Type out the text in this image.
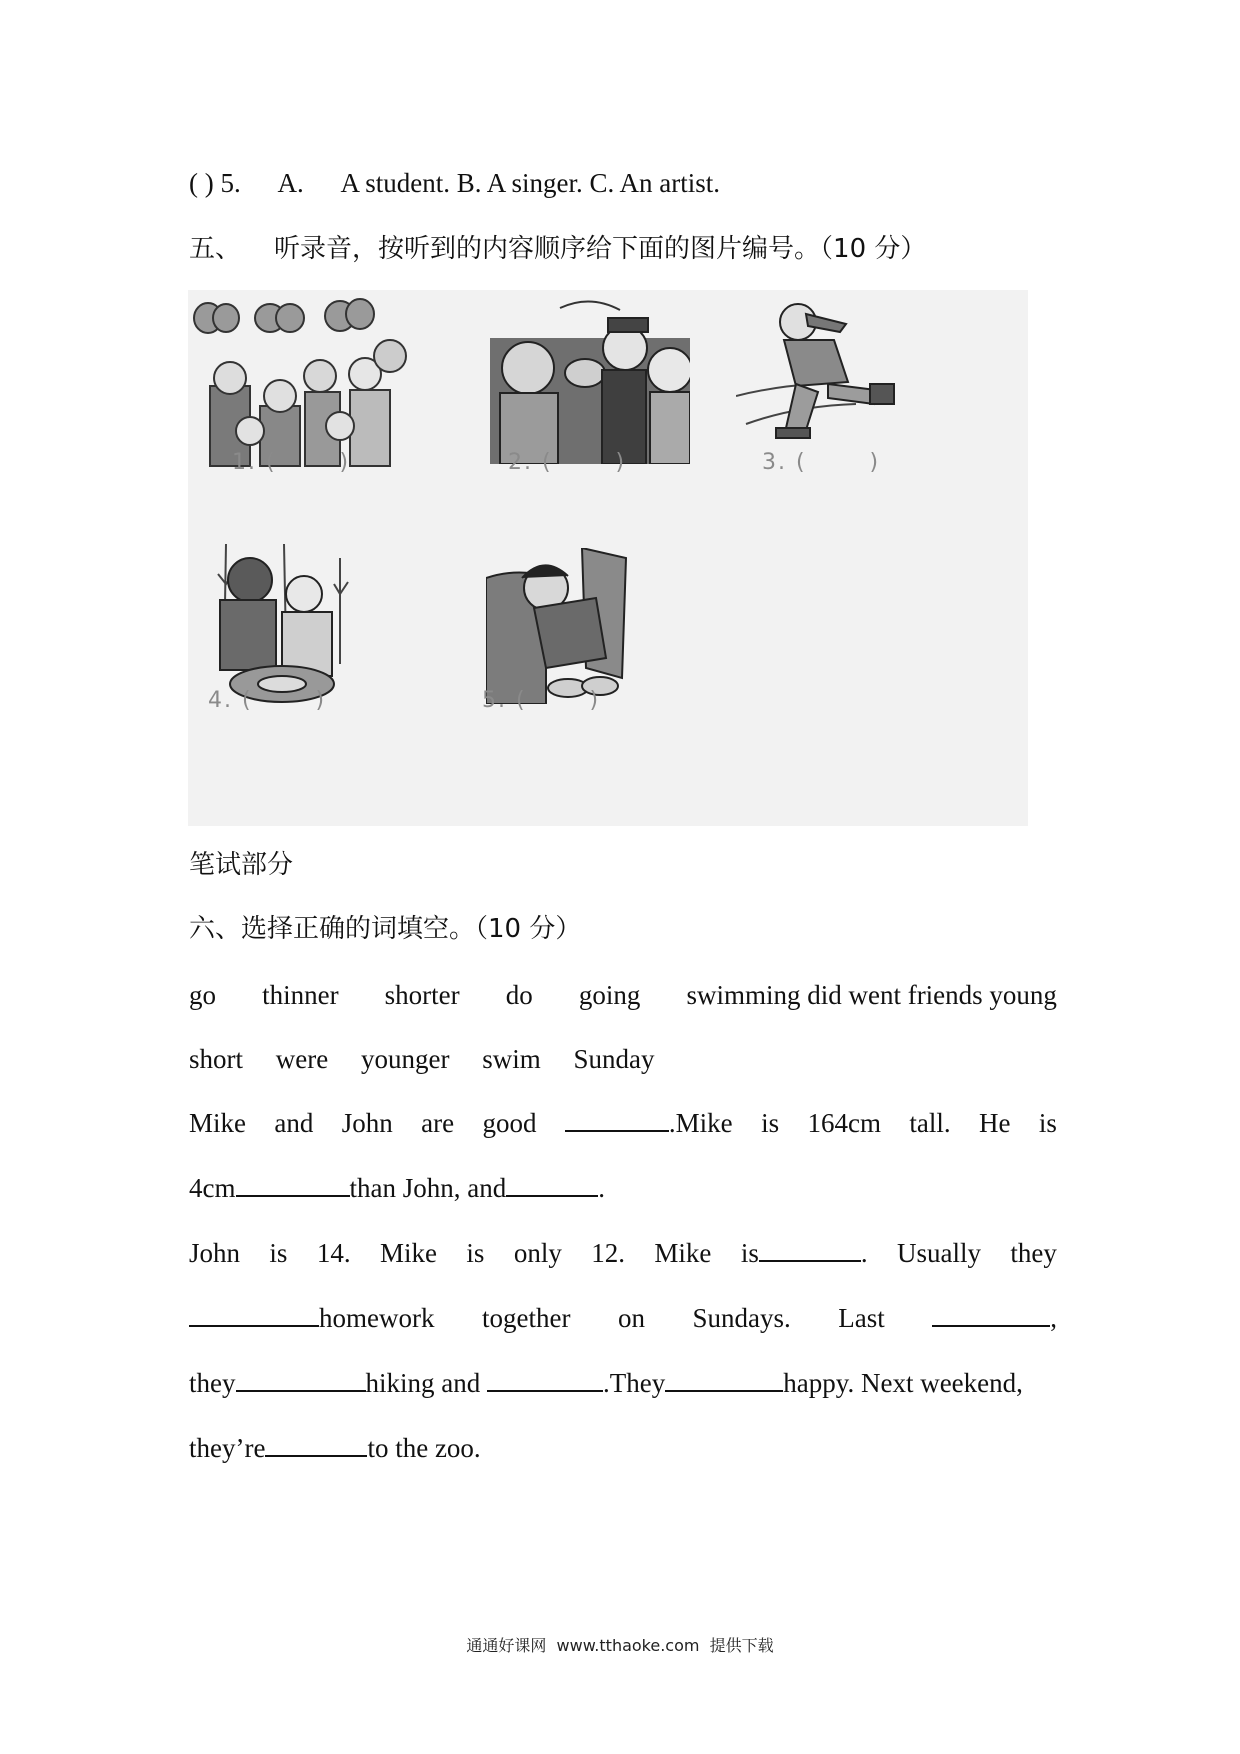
( ) 5. A. A student. B. A singer. C. An artist.
五、    听录音，按听到的内容顺序给下面的图片编号。（10 分）
1. (       )	2. (       )	3. (       )
4. (       )	5. (       )
笔试部分
六、选择正确的词填空。（10 分）
go thinner shorter do going swimming did went friends young
short were younger swim Sunday
Mike and John are good	.Mike is 164cm tall. He is
4cm	than John, and	.
John is 14. Mike is only 12. Mike is	. Usually they
homework together on Sundays. Last	,
they	hiking and	.They	happy. Next weekend,
they’re	to the zoo.
通通好课网  www.tthaoke.com  提供下载
